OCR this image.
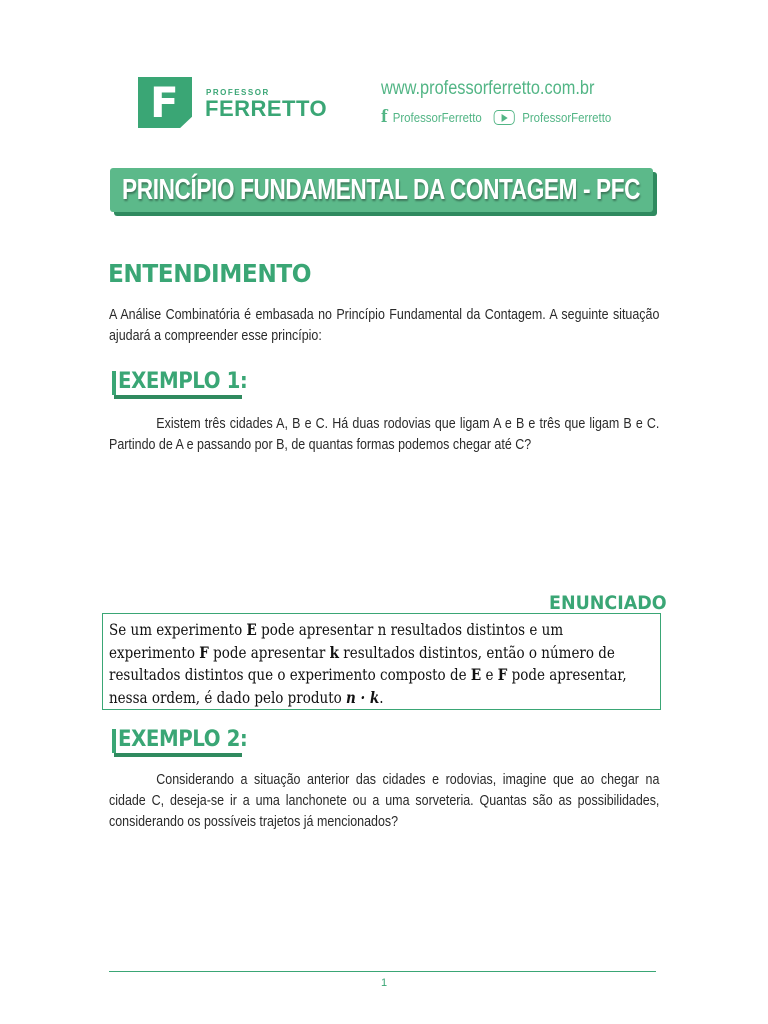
F	PROFESSOR
FERRETTO
www.professorferretto.com.br
f ProfessorFerretto	ProfessorFerretto
PRINCÍPIO FUNDAMENTAL DA CONTAGEM - PFC
ENTENDIMENTO
A Análise Combinatória é embasada no Princípio Fundamental da Contagem. A seguinte situação ajudará a compreender esse princípio:
EXEMPLO 1:
Existem três cidades A, B e C. Há duas rodovias que ligam A e B e três que ligam B e C. Partindo de A e passando por B, de quantas formas podemos chegar até C?
ENUNCIADO
Se um experimento E pode apresentar n resultados distintos e um experimento F pode apresentar k resultados distintos, então o número de resultados distintos que o experimento composto de E e F pode apresentar, nessa ordem, é dado pelo produto n · k.
EXEMPLO 2:
Considerando a situação anterior das cidades e rodovias, imagine que ao chegar na cidade C, deseja-se ir a uma lanchonete ou a uma sorveteria. Quantas são as possibilidades, considerando os possíveis trajetos já mencionados?
1
